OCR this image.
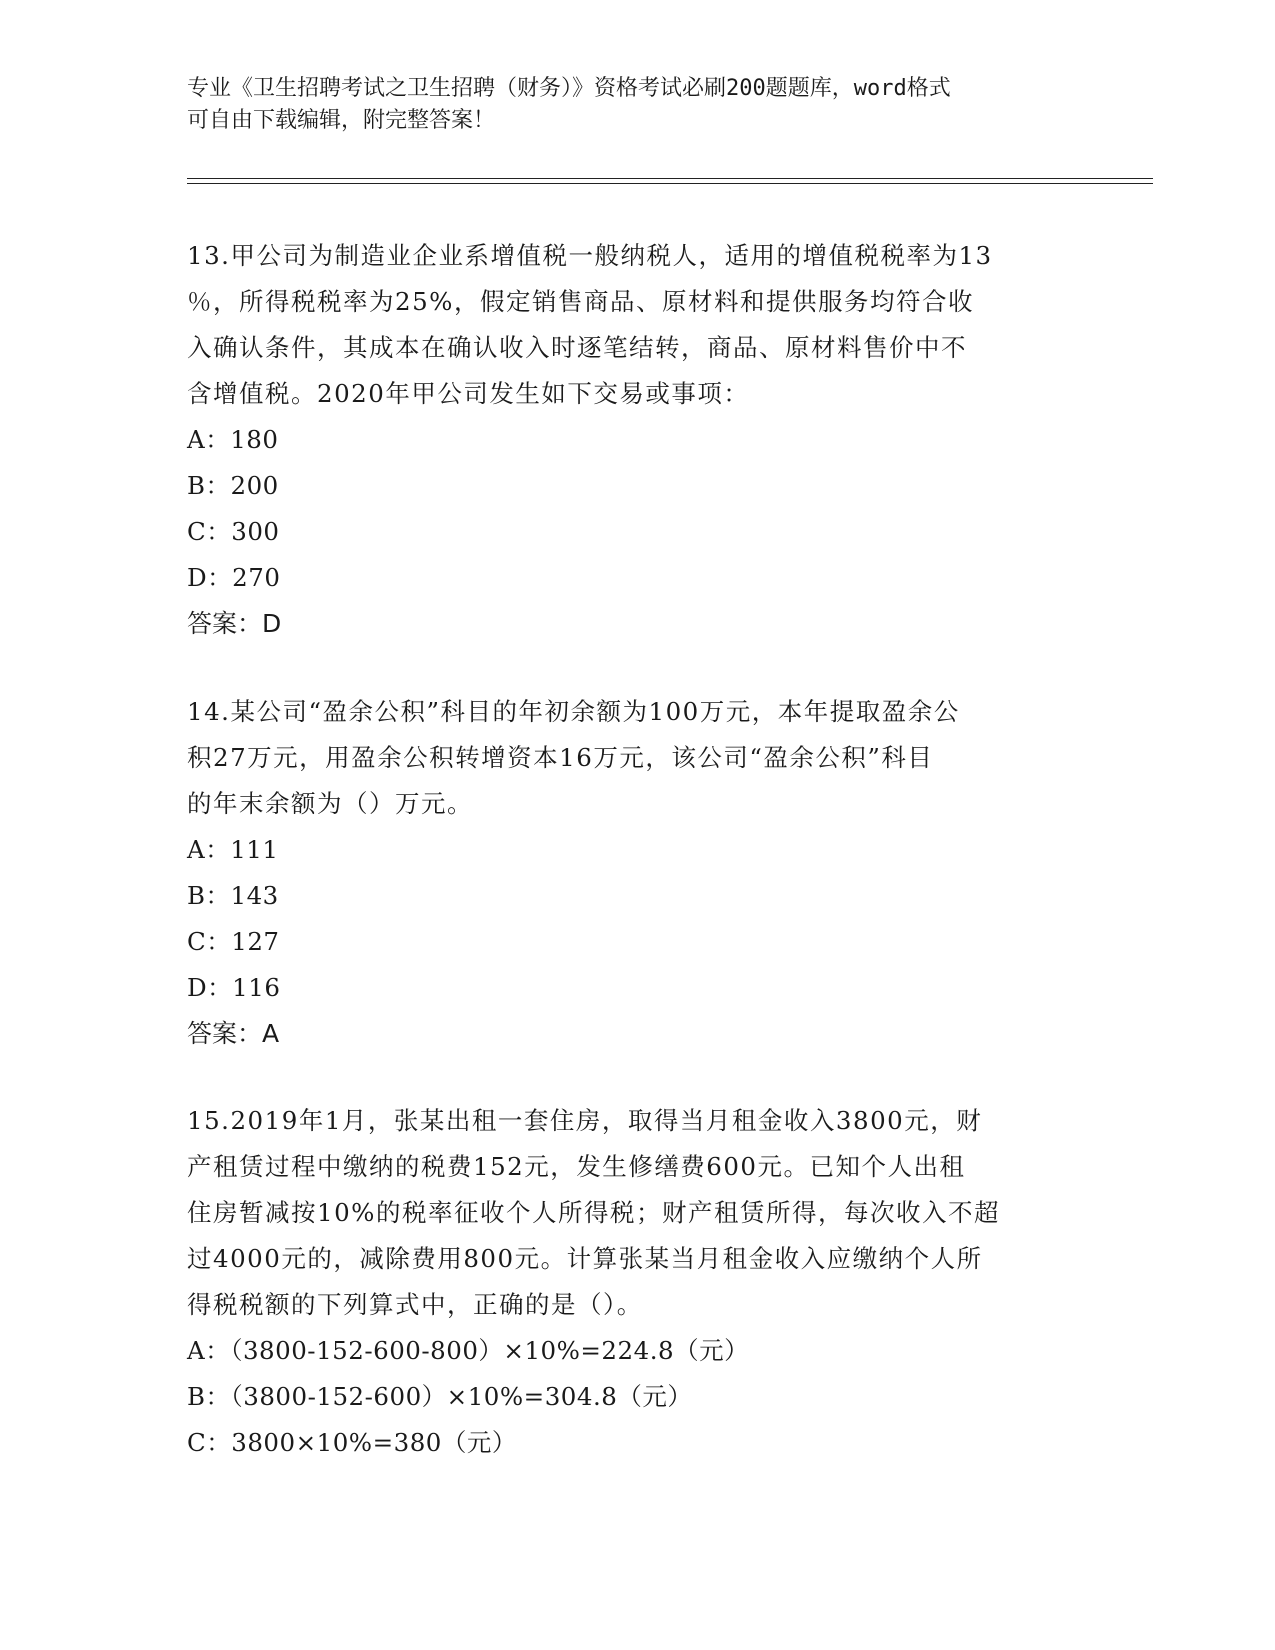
专业《卫生招聘考试之卫生招聘（财务）》资格考试必刷200题题库，word格式
可自由下载编辑，附完整答案！
13.甲公司为制造业企业系增值税一般纳税人，适用的增值税税率为13
％，所得税税率为25%，假定销售商品、原材料和提供服务均符合收
入确认条件，其成本在确认收入时逐笔结转，商品、原材料售价中不
含增值税。2020年甲公司发生如下交易或事项：
A：180
B：200
C：300
D：270
答案：D
14.某公司“盈余公积”科目的年初余额为100万元，本年提取盈余公
积27万元，用盈余公积转增资本16万元，该公司“盈余公积”科目
的年末余额为（）万元。
A：111
B：143
C：127
D：116
答案：A
15.2019年1月，张某出租一套住房，取得当月租金收入3800元，财
产租赁过程中缴纳的税费152元，发生修缮费600元。已知个人出租
住房暂减按10%的税率征收个人所得税；财产租赁所得，每次收入不超
过4000元的，减除费用800元。计算张某当月租金收入应缴纳个人所
得税税额的下列算式中，正确的是（）。
A：（3800-152-600-800）×10%=224.8（元）
B：（3800-152-600）×10%=304.8（元）
C：3800×10%=380（元）
